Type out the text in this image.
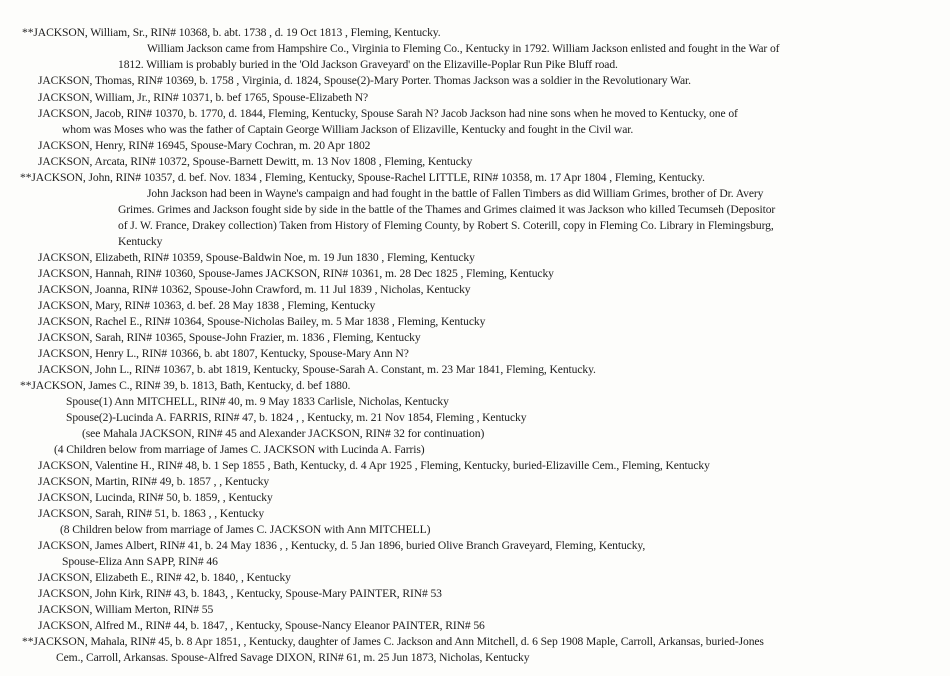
**JACKSON, William, Sr., RIN# 10368, b. abt. 1738 , d. 19 Oct 1813 , Fleming, Kentucky.
William Jackson came from Hampshire Co., Virginia to Fleming Co., Kentucky in 1792. William Jackson enlisted and fought in the War of
1812. William is probably buried in the 'Old Jackson Graveyard' on the Elizaville-Poplar Run Pike Bluff road.
JACKSON, Thomas, RIN# 10369, b. 1758 , Virginia, d. 1824, Spouse(2)-Mary Porter. Thomas Jackson was a soldier in the Revolutionary War.
JACKSON, William, Jr., RIN# 10371, b. bef 1765, Spouse-Elizabeth N?
JACKSON, Jacob, RIN# 10370, b. 1770, d. 1844, Fleming, Kentucky, Spouse Sarah N? Jacob Jackson had nine sons when he moved to Kentucky, one of
whom was Moses who was the father of Captain George William Jackson of Elizaville, Kentucky and fought in the Civil war.
JACKSON, Henry, RIN# 16945, Spouse-Mary Cochran, m. 20 Apr 1802
JACKSON, Arcata, RIN# 10372, Spouse-Barnett Dewitt, m. 13 Nov 1808 , Fleming, Kentucky
**JACKSON, John, RIN# 10357, d. bef. Nov. 1834 , Fleming, Kentucky, Spouse-Rachel LITTLE, RIN# 10358, m. 17 Apr 1804 , Fleming, Kentucky.
John Jackson had been in Wayne's campaign and had fought in the battle of Fallen Timbers as did William Grimes, brother of Dr. Avery
Grimes. Grimes and Jackson fought side by side in the battle of the Thames and Grimes claimed it was Jackson who killed Tecumseh (Depositor
of J. W. France, Drakey collection) Taken from History of Fleming County, by Robert S. Coterill, copy in Fleming Co. Library in Flemingsburg,
Kentucky
JACKSON, Elizabeth, RIN# 10359, Spouse-Baldwin Noe, m. 19 Jun 1830 , Fleming, Kentucky
JACKSON, Hannah, RIN# 10360, Spouse-James JACKSON, RIN# 10361, m. 28 Dec 1825 , Fleming, Kentucky
JACKSON, Joanna, RIN# 10362, Spouse-John Crawford, m. 11 Jul 1839 , Nicholas, Kentucky
JACKSON, Mary, RIN# 10363, d. bef. 28 May 1838 , Fleming, Kentucky
JACKSON, Rachel E., RIN# 10364, Spouse-Nicholas Bailey, m. 5 Mar 1838 , Fleming, Kentucky
JACKSON, Sarah, RIN# 10365, Spouse-John Frazier, m. 1836 , Fleming, Kentucky
JACKSON, Henry L., RIN# 10366, b. abt 1807, Kentucky, Spouse-Mary Ann N?
JACKSON, John L., RIN# 10367, b. abt 1819, Kentucky, Spouse-Sarah A. Constant, m. 23 Mar 1841, Fleming, Kentucky.
**JACKSON, James C., RIN# 39, b. 1813, Bath, Kentucky, d. bef 1880.
Spouse(1) Ann MITCHELL, RIN# 40, m. 9 May 1833 Carlisle, Nicholas, Kentucky
Spouse(2)-Lucinda A. FARRIS, RIN# 47, b. 1824 , , Kentucky, m. 21 Nov 1854, Fleming , Kentucky
(see Mahala JACKSON, RIN# 45 and Alexander JACKSON, RIN# 32 for continuation)
(4 Children below from marriage of James C. JACKSON with Lucinda A. Farris)
JACKSON, Valentine H., RIN# 48, b. 1 Sep 1855 , Bath, Kentucky, d. 4 Apr 1925 , Fleming, Kentucky, buried-Elizaville Cem., Fleming, Kentucky
JACKSON, Martin, RIN# 49, b. 1857 , , Kentucky
JACKSON, Lucinda, RIN# 50, b. 1859, , Kentucky
JACKSON, Sarah, RIN# 51, b. 1863 , , Kentucky
(8 Children below from marriage of James C. JACKSON with Ann MITCHELL)
JACKSON, James Albert, RIN# 41, b. 24 May 1836 , , Kentucky, d. 5 Jan 1896, buried Olive Branch Graveyard, Fleming, Kentucky,
Spouse-Eliza Ann SAPP, RIN# 46
JACKSON, Elizabeth E., RIN# 42, b. 1840, , Kentucky
JACKSON, John Kirk, RIN# 43, b. 1843, , Kentucky, Spouse-Mary PAINTER, RIN# 53
JACKSON, William Merton, RIN# 55
JACKSON, Alfred M., RIN# 44, b. 1847, , Kentucky, Spouse-Nancy Eleanor PAINTER, RIN# 56
**JACKSON, Mahala, RIN# 45, b. 8 Apr 1851, , Kentucky, daughter of James C. Jackson and Ann Mitchell, d. 6 Sep 1908 Maple, Carroll, Arkansas, buried-Jones
Cem., Carroll, Arkansas. Spouse-Alfred Savage DIXON, RIN# 61, m. 25 Jun 1873, Nicholas, Kentucky
